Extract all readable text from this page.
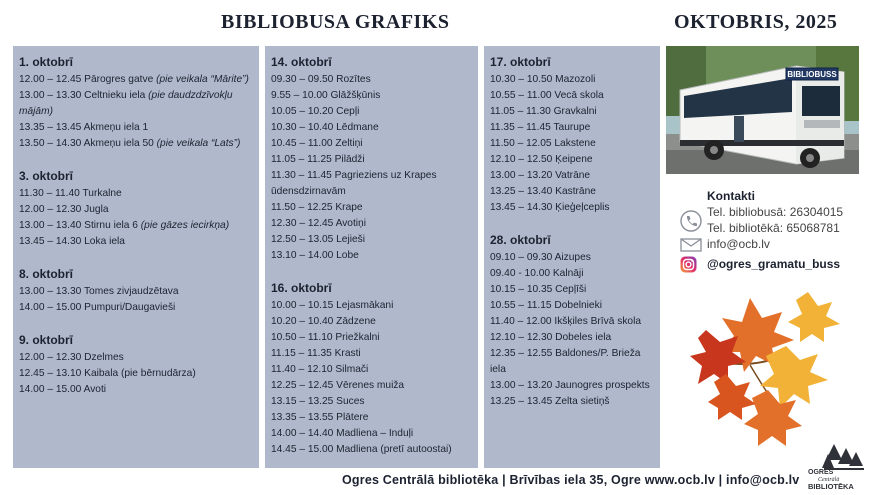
BIBLIOBUSA GRAFIKS	OKTOBRIS, 2025
1. oktobrī
12.00 – 12.45 Pārogres gatve (pie veikala “Mārite”)
13.00 – 13.30 Celtnieku iela (pie daudzdzīvokļu
mājām)
13.35 – 13.45 Akmeņu iela 1
13.50 – 14.30 Akmeņu iela 50 (pie veikala “Lats”)
3. oktobrī
11.30 – 11.40 Turkalne
12.00 – 12.30 Jugla
13.00 – 13.40 Stirnu iela 6 (pie gāzes iecirkņa)
13.45 – 14.30 Loka iela
8. oktobrī
13.00 – 13.30 Tomes zivjaudzētava
14.00 – 15.00 Pumpuri/Daugavieši
9. oktobrī
12.00 – 12.30 Dzelmes
12.45 – 13.10 Kaibala (pie bērnudārza)
14.00 – 15.00 Avoti
14. oktobrī
09.30 – 09.50 Rozītes
9.55 – 10.00 Glāžšķūnis
10.05 – 10.20 Cepļi
10.30 – 10.40 Lēdmane
10.45 – 11.00 Zeltiņi
11.05 – 11.25 Pilādži
11.30 – 11.45 Pagrieziens uz Krapes
ūdensdzirnavām
11.50 – 12.25 Krape
12.30 – 12.45 Avotiņi
12.50 – 13.05 Lejieši
13.10 – 14.00 Lobe
16. oktobrī
10.00 – 10.15 Lejasmākani
10.20 – 10.40 Zādzene
10.50 – 11.10 Priežkalni
11.15 – 11.35 Krasti
11.40 – 12.10 Silmači
12.25 – 12.45 Vērenes muiža
13.15 – 13.25 Suces
13.35 – 13.55 Plātere
14.00 – 14.40 Madliena – Induļi
14.45 – 15.00 Madliena (pretī autoostai)
17. oktobrī
10.30 – 10.50 Mazozoli
10.55 – 11.00 Vecā skola
11.05 – 11.30 Gravkalni
11.35 – 11.45 Taurupe
11.50 – 12.05 Lakstene
12.10 – 12.50 Ķeipene
13.00 – 13.20 Vatrāne
13.25 – 13.40 Kastrāne
13.45 – 14.30 Ķieģeļceplis
28. oktobrī
09.10 – 09.30 Aizupes
09.40 - 10.00 Kalnāji
10.15 – 10.35 Cepļīši
10.55 – 11.15 Dobelnieki
11.40 – 12.00 Ikšķiles Brīvā skola
12.10 – 12.30 Dobeles iela
12.35 – 12.55 Baldones/P. Brieža iela
13.00 – 13.20 Jaunogres prospekts
13.25 – 13.45 Zelta sietiņš
BIBLIOBUSS
Kontakti
Tel. bibliobusā: 26304015
Tel. bibliotēkā: 65068781
info@ocb.lv
@ogres_gramatu_buss
Ogres Centrālā bibliotēka | Brīvības iela 35, Ogre www.ocb.lv | info@ocb.lv
OGRES
Centrālā
BIBLIOTĒKA
